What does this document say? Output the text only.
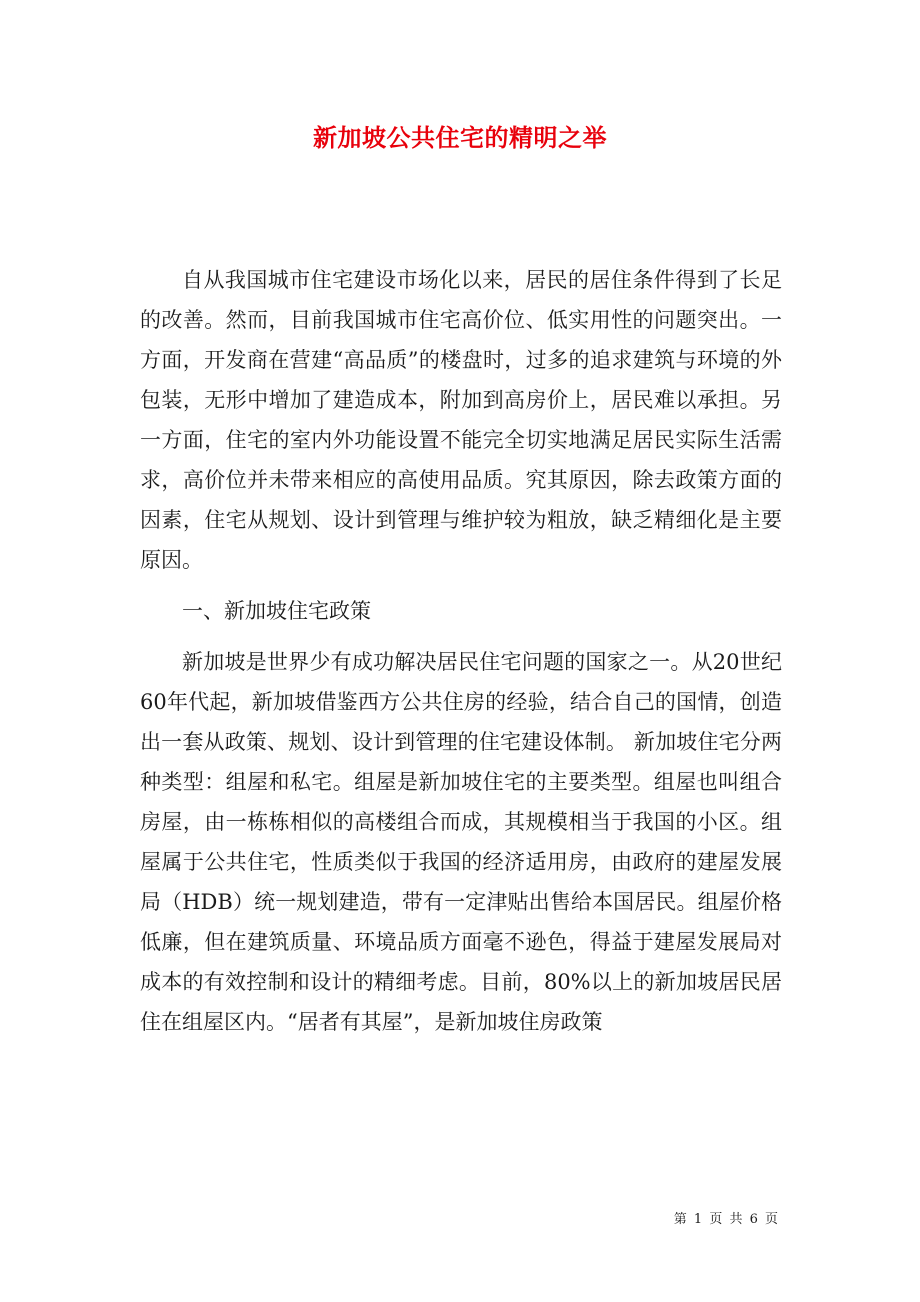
新加坡公共住宅的精明之举

自从我国城市住宅建设市场化以来，居民的居住条件得到了长足的改善。然而，目前我国城市住宅高价位、低实用性的问题突出。一方面，开发商在营建“高品质”的楼盘时，过多的追求建筑与环境的外包装，无形中增加了建造成本，附加到高房价上，居民难以承担。另一方面，住宅的室内外功能设置不能完全切实地满足居民实际生活需求，高价位并未带来相应的高使用品质。究其原因，除去政策方面的因素，住宅从规划、设计到管理与维护较为粗放，缺乏精细化是主要原因。

一、新加坡住宅政策

新加坡是世界少有成功解决居民住宅问题的国家之一。从20世纪60年代起，新加坡借鉴西方公共住房的经验，结合自己的国情，创造出一套从政策、规划、设计到管理的住宅建设体制。 新加坡住宅分两种类型：组屋和私宅。组屋是新加坡住宅的主要类型。组屋也叫组合房屋，由一栋栋相似的高楼组合而成，其规模相当于我国的小区。组屋属于公共住宅，性质类似于我国的经济适用房，由政府的建屋发展局（HDB）统一规划建造，带有一定津贴出售给本国居民。组屋价格低廉，但在建筑质量、环境品质方面毫不逊色，得益于建屋发展局对成本的有效控制和设计的精细考虑。目前，80%以上的新加坡居民居住在组屋区内。“居者有其屋”，是新加坡住房政策

第 1 页 共 6 页
